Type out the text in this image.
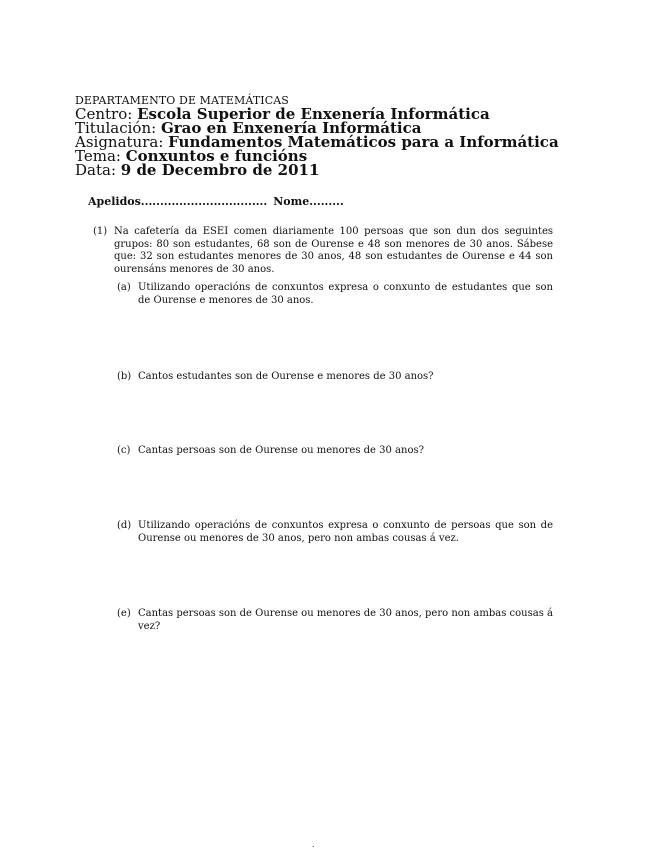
DEPARTAMENTO DE MATEMÁTICAS
Centro: Escola Superior de Enxenería Informática
Titulación: Grao en Enxenería Informática
Asignatura: Fundamentos Matemáticos para a Informática
Tema: Conxuntos e funcións
Data: 9 de Decembro de 2011
Apelidos................................. Nome.........
(1) Na cafetería da ESEI comen diariamente 100 persoas que son dun dos seguintes grupos: 80 son estudantes, 68 son de Ourense e 48 son menores de 30 anos. Sábese que: 32 son estudantes menores de 30 anos, 48 son estudantes de Ourense e 44 son ourensáns menores de 30 anos.
(a) Utilizando operacións de conxuntos expresa o conxunto de estudantes que son de Ourense e menores de 30 anos.
(b) Cantos estudantes son de Ourense e menores de 30 anos?
(c) Cantas persoas son de Ourense ou menores de 30 anos?
(d) Utilizando operacións de conxuntos expresa o conxunto de persoas que son de Ourense ou menores de 30 anos, pero non ambas cousas á vez.
(e) Cantas persoas son de Ourense ou menores de 30 anos, pero non ambas cousas á vez?
.
